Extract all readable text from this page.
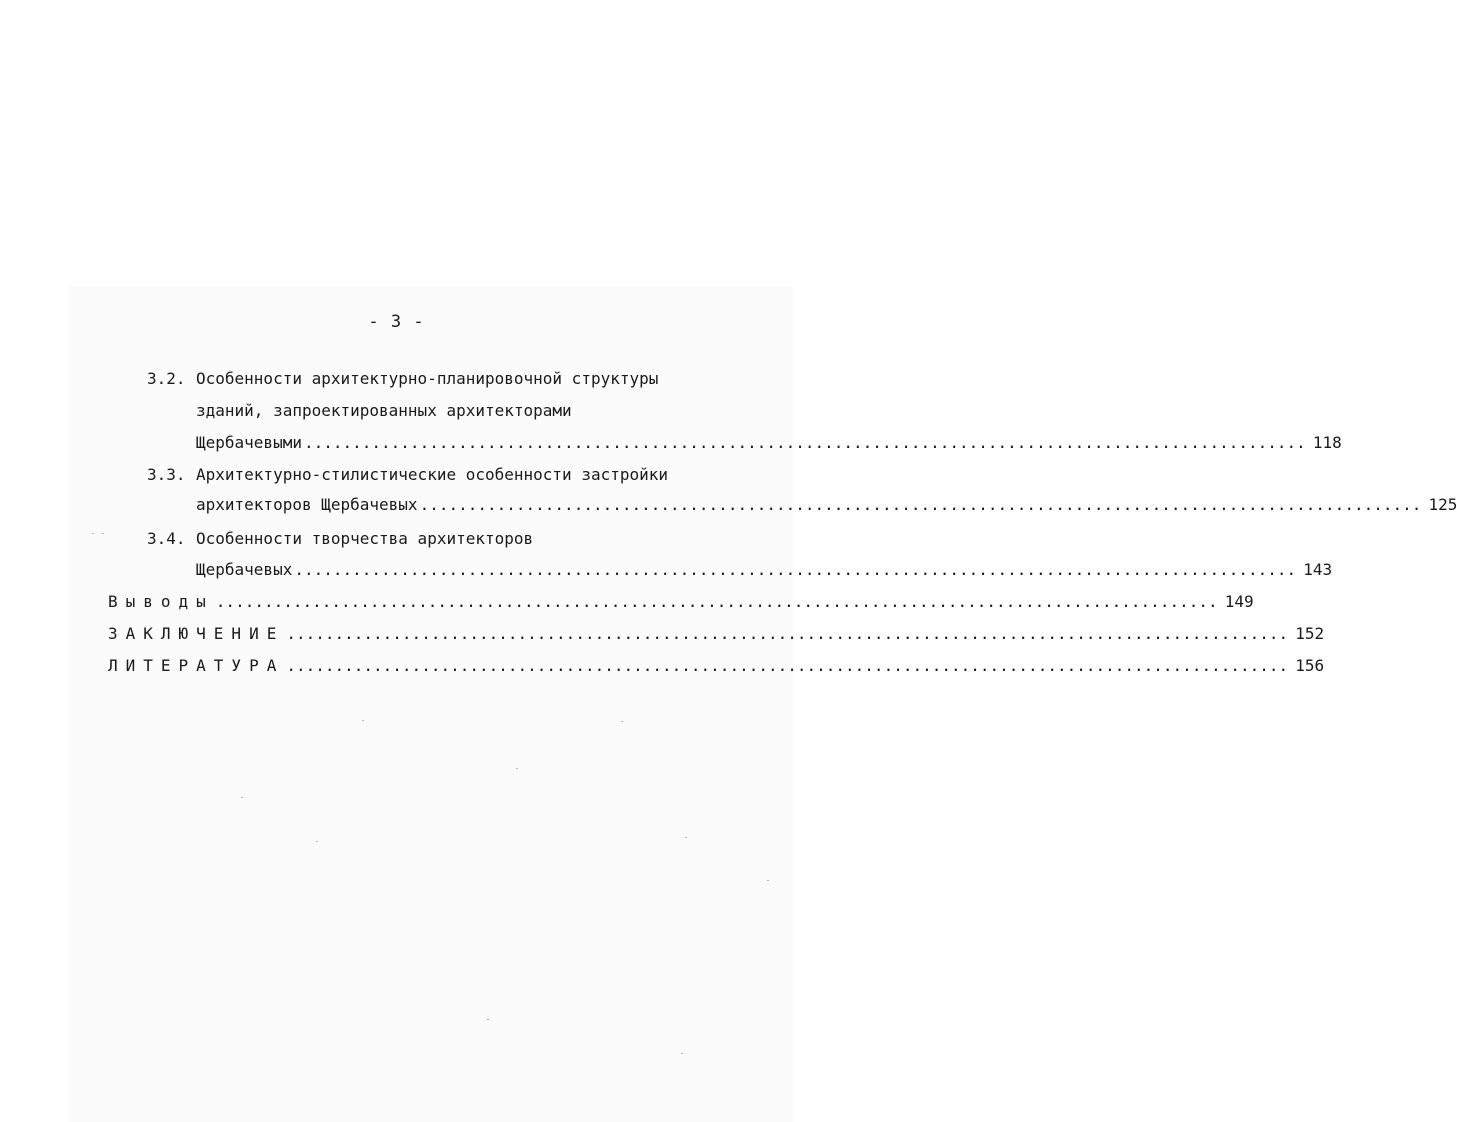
- 3 -
3.2. Особенности архитектурно-планировочной структуры
зданий, запроектированных архитекторами
Щербачевыми ........................................................................................................ 118
3.3. Архитектурно-стилистические особенности застройки
архитекторов Щербачевых ........................................................................................................ 125
3.4. Особенности творчества архитекторов
Щербачевых ........................................................................................................ 143
Выводы ........................................................................................................ 149
ЗАКЛЮЧЕНИЕ ........................................................................................................ 152
ЛИТЕРАТУРА ........................................................................................................ 156
